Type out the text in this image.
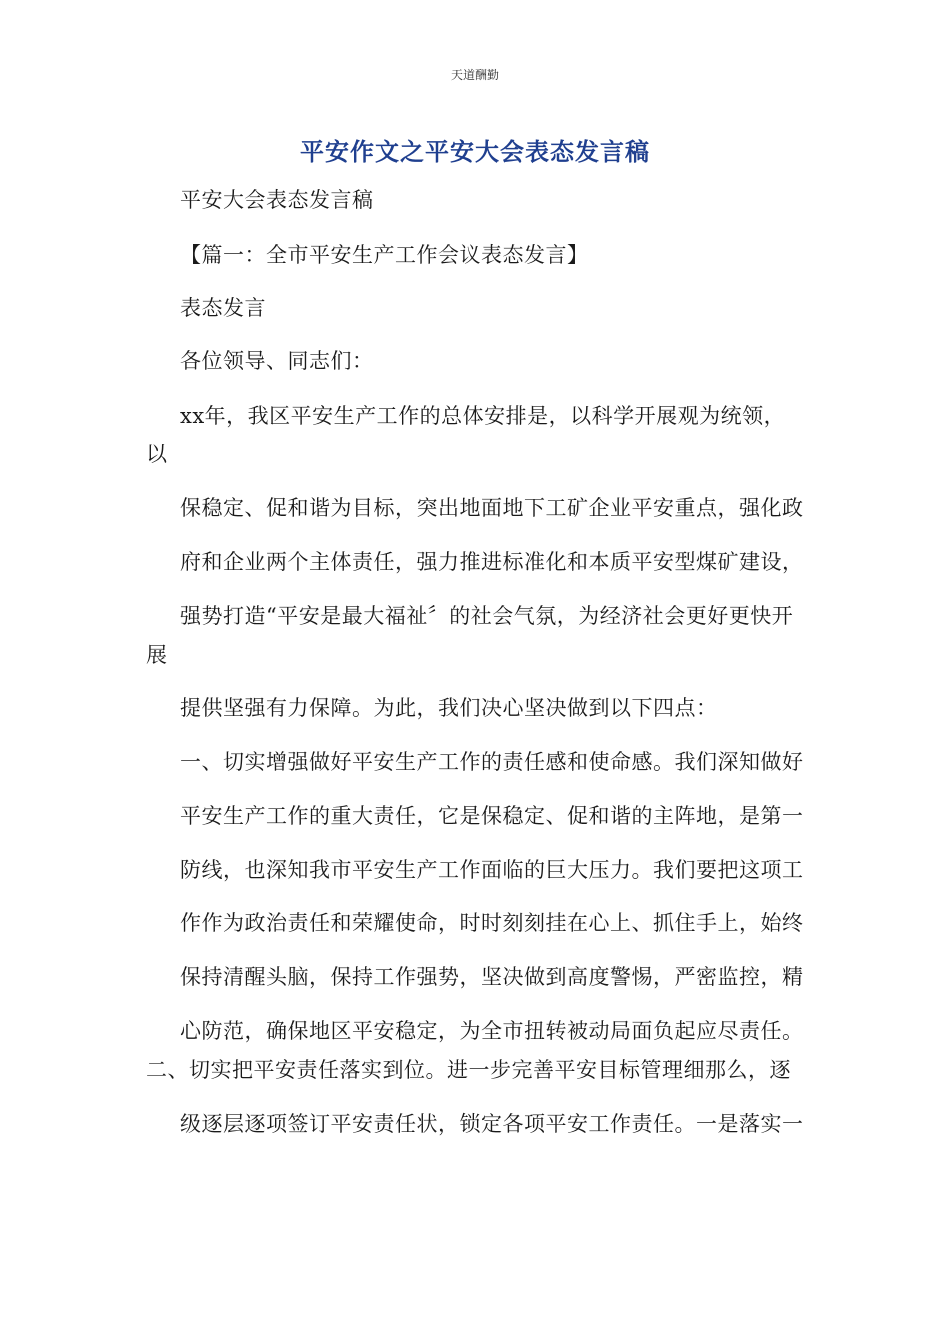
天道酬勤
平安作文之平安大会表态发言稿
平安大会表态发言稿
【篇一：全市平安生产工作会议表态发言】
表态发言
各位领导、同志们：
xx年，我区平安生产工作的总体安排是，以科学开展观为统领，
以
保稳定、促和谐为目标，突出地面地下工矿企业平安重点，强化政
府和企业两个主体责任，强力推进标准化和本质平安型煤矿建设，
强势打造“平安是最大福祉〞的社会气氛，为经济社会更好更快开
展
提供坚强有力保障。为此，我们决心坚决做到以下四点：
一、切实增强做好平安生产工作的责任感和使命感。我们深知做好
平安生产工作的重大责任，它是保稳定、促和谐的主阵地，是第一
防线，也深知我市平安生产工作面临的巨大压力。我们要把这项工
作作为政治责任和荣耀使命，时时刻刻挂在心上、抓住手上，始终
保持清醒头脑，保持工作强势，坚决做到高度警惕，严密监控，精
心防范，确保地区平安稳定，为全市扭转被动局面负起应尽责任。
二、切实把平安责任落实到位。进一步完善平安目标管理细那么，逐
级逐层逐项签订平安责任状，锁定各项平安工作责任。一是落实一
